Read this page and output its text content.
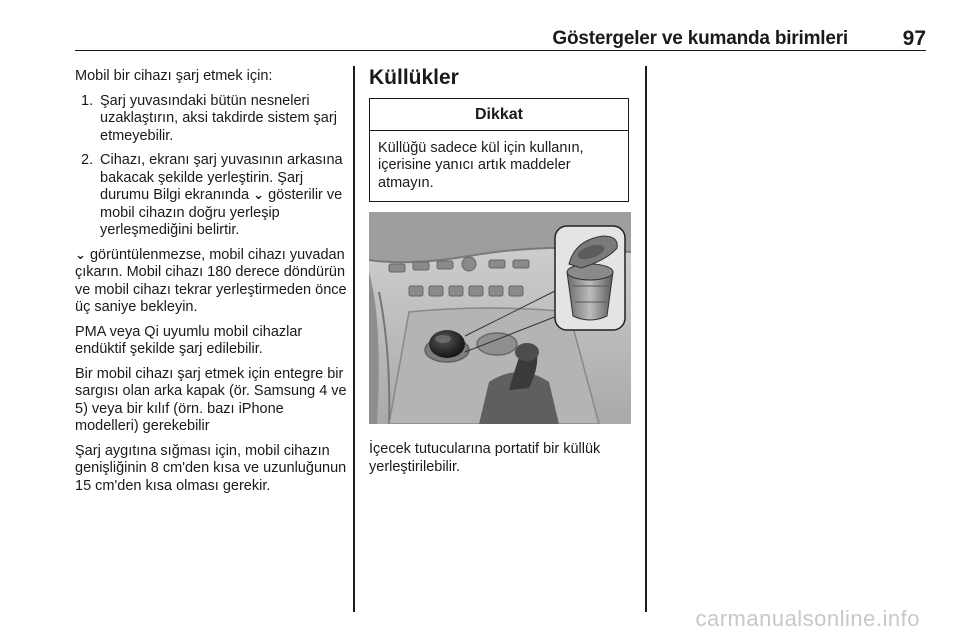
Göstergeler ve kumanda birimleri	97

Mobil bir cihazı şarj etmek için:

1. Şarj yuvasındaki bütün nesneleri uzaklaştırın, aksi takdirde sistem şarj etmeyebilir.
2. Cihazı, ekranı şarj yuvasının arkasına bakacak şekilde yerleştirin. Şarj durumu Bilgi ekranında ⌄ gösterilir ve mobil cihazın doğru yerleşip yerleşmediğini belirtir.

⌄ görüntülenmezse, mobil cihazı yuvadan çıkarın. Mobil cihazı 180 derece döndürün ve mobil cihazı tekrar yerleştirmeden önce üç saniye bekleyin.

PMA veya Qi uyumlu mobil cihazlar endüktif şekilde şarj edilebilir.

Bir mobil cihazı şarj etmek için entegre bir sargısı olan arka kapak (ör. Samsung 4 ve 5) veya bir kılıf (örn. bazı iPhone modelleri) gerekebilir

Şarj aygıtına sığması için, mobil cihazın genişliğinin 8 cm'den kısa ve uzunluğunun 15 cm'den kısa olması gerekir.

Küllükler
Dikkat
Küllüğü sadece kül için kullanın, içerisine yanıcı artık maddeler atmayın.
İçecek tutucularına portatif bir küllük yerleştirilebilir.
carmanualsonline.info
